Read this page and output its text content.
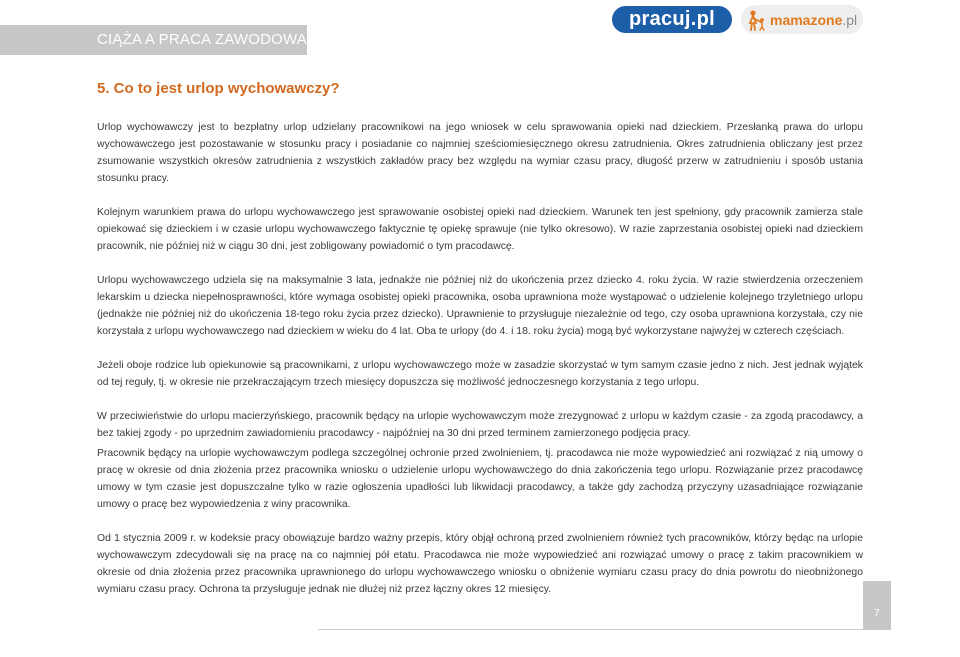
CIĄŻA A PRACA ZAWODOWA
pracuj.pl	mamazone.pl
5. Co to jest urlop wychowawczy?

Urlop wychowawczy jest to bezpłatny urlop udzielany pracownikowi na jego wniosek w celu sprawowania opieki nad dzieckiem. Przesłanką prawa do urlopu wychowawczego jest pozostawanie w stosunku pracy i posiadanie co najmniej sześciomiesięcznego okresu zatrudnienia. Okres zatrudnienia obliczany jest przez zsumowanie wszystkich okresów zatrudnienia z wszystkich zakładów pracy bez względu na wymiar czasu pracy, długość przerw w zatrudnieniu i sposób ustania stosunku pracy.

Kolejnym warunkiem prawa do urlopu wychowawczego jest sprawowanie osobistej opieki nad dzieckiem. Warunek ten jest spełniony, gdy pracownik zamierza stale opiekować się dzieckiem i w czasie urlopu wychowawczego faktycznie tę opiekę sprawuje (nie tylko okresowo). W razie zaprzestania osobistej opieki nad dzieckiem pracownik, nie później niż w ciągu 30 dni, jest zobligowany powiadomić o tym pracodawcę.

Urlopu wychowawczego udziela się na maksymalnie 3 lata, jednakże nie później niż do ukończenia przez dziecko 4. roku życia. W razie stwierdzenia orzeczeniem lekarskim u dziecka niepełnosprawności, które wymaga osobistej opieki pracownika, osoba uprawniona może wystąpować o udzielenie kolejnego trzyletniego urlopu (jednakże nie później niż do ukończenia 18-tego roku życia przez dziecko). Uprawnienie to przysługuje niezależnie od tego, czy osoba uprawniona korzystała, czy nie korzystała z urlopu wychowawczego nad dzieckiem w wieku do 4 lat. Oba te urlopy (do 4. i 18. roku życia) mogą być wykorzystane najwyżej w czterech częściach.

Jeżeli oboje rodzice lub opiekunowie są pracownikami, z urlopu wychowawczego może w zasadzie skorzystać w tym samym czasie jedno z nich. Jest jednak wyjątek od tej reguły, tj. w okresie nie przekraczającym trzech miesięcy dopuszcza się możliwość jednoczesnego korzystania z tego urlopu.

W przeciwieństwie do urlopu macierzyńskiego, pracownik będący na urlopie wychowawczym może zrezygnować z urlopu w każdym czasie - za zgodą pracodawcy, a bez takiej zgody - po uprzednim zawiadomieniu pracodawcy - najpóźniej na 30 dni przed terminem zamierzonego podjęcia pracy.

Pracownik będący na urlopie wychowawczym podlega szczególnej ochronie przed zwolnieniem, tj. pracodawca nie może wypowiedzieć ani rozwiązać z nią umowy o pracę w okresie od dnia złożenia przez pracownika wniosku o udzielenie urlopu wychowawczego do dnia zakończenia tego urlopu. Rozwiązanie przez pracodawcę umowy w tym czasie jest dopuszczalne tylko w razie ogłoszenia upadłości lub likwidacji pracodawcy, a także gdy zachodzą przyczyny uzasadniające rozwiązanie umowy o pracę bez wypowiedzenia z winy pracownika.

Od 1 stycznia 2009 r. w kodeksie pracy obowiązuje bardzo ważny przepis, który objął ochroną przed zwolnieniem również tych pracowników, którzy będąc na urlopie wychowawczym zdecydowali się na pracę na co najmniej pół etatu. Pracodawca nie może wypowiedzieć ani rozwiązać umowy o pracę z takim pracownikiem w okresie od dnia złożenia przez pracownika uprawnionego do urlopu wychowawczego wniosku o obniżenie wymiaru czasu pracy do dnia powrotu do nieobniżonego wymiaru czasu pracy. Ochrona ta przysługuje jednak nie dłużej niż przez łączny okres 12 miesięcy.

7
